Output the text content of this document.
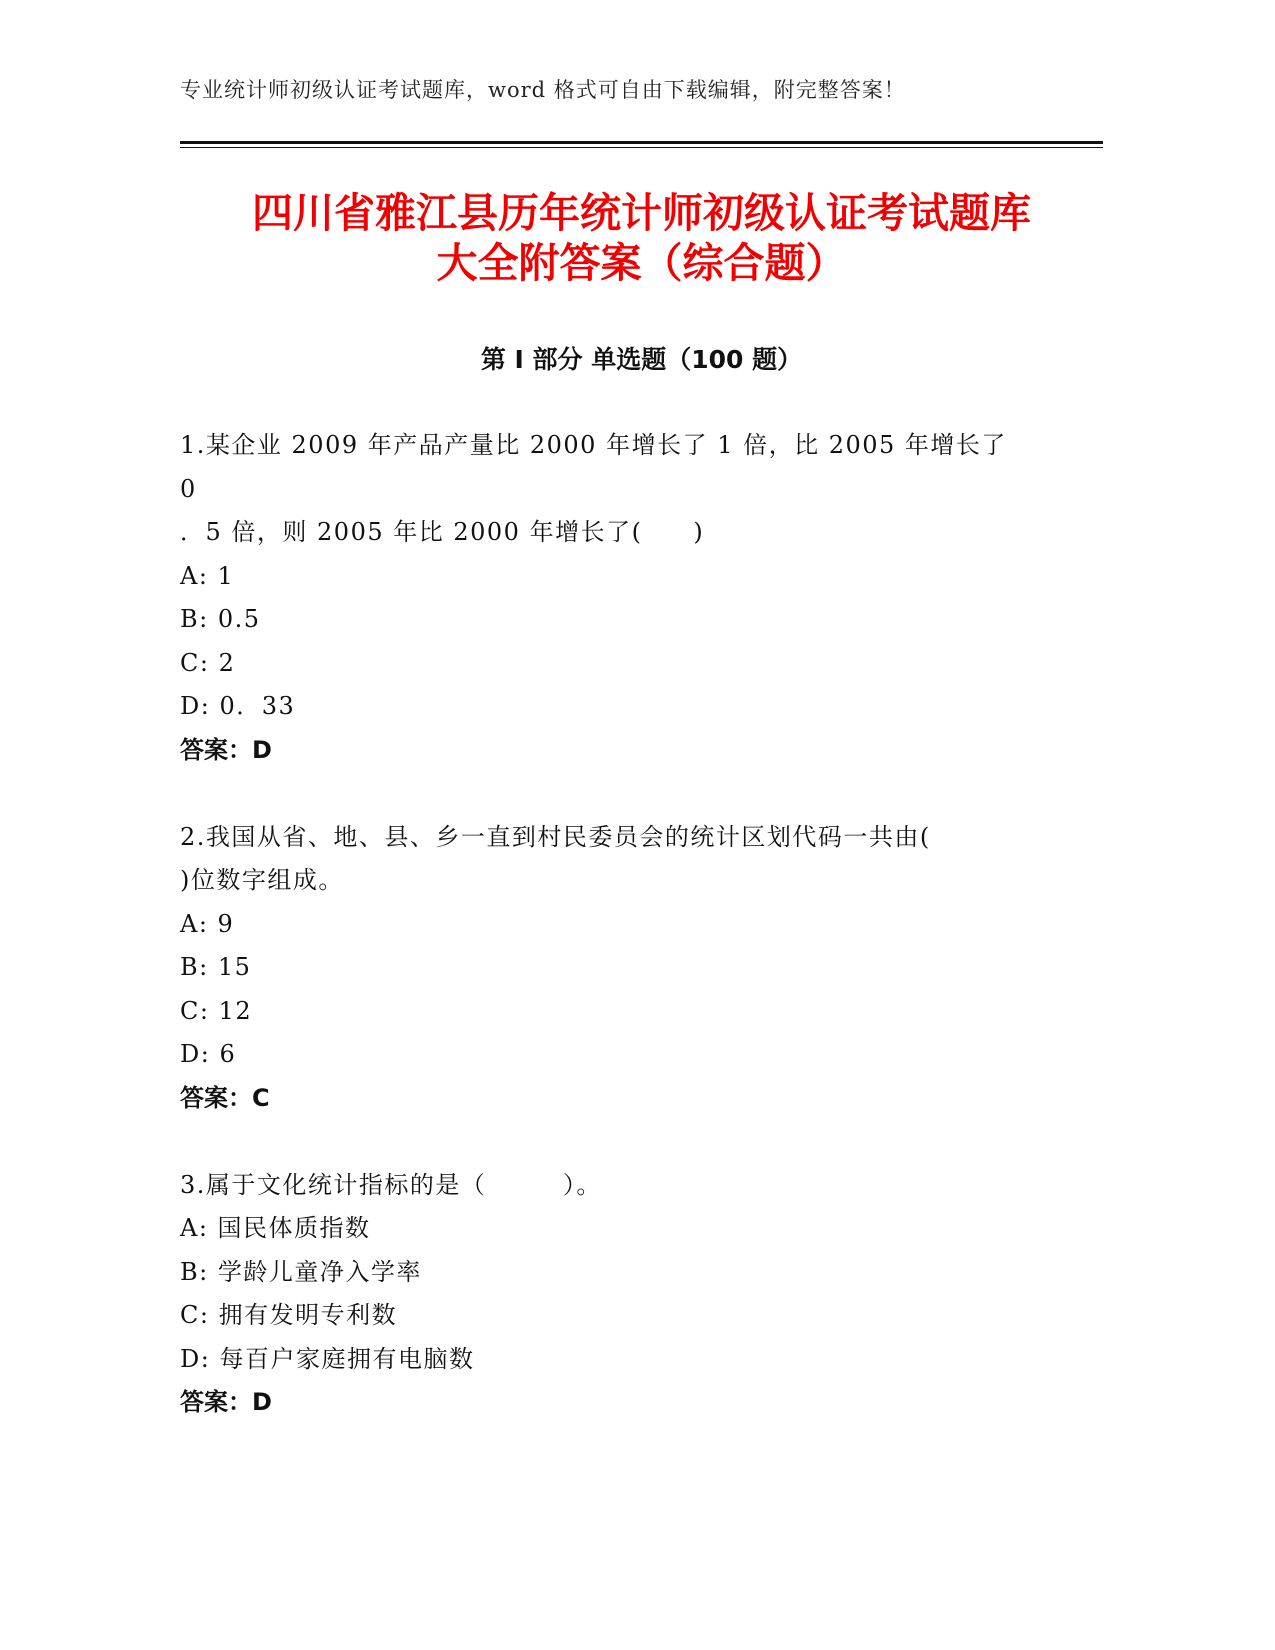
专业统计师初级认证考试题库，word 格式可自由下载编辑，附完整答案！
四川省雅江县历年统计师初级认证考试题库
大全附答案（综合题）
第 I 部分 单选题（100 题）
1.某企业 2009 年产品产量比 2000 年增长了 1 倍，比 2005 年增长了 0
．5 倍，则 2005 年比 2000 年增长了(　　)
A: 1
B: 0.5
C: 2
D: 0．33
答案：D
2.我国从省、地、县、乡一直到村民委员会的统计区划代码一共由(
)位数字组成。
A: 9
B: 15
C: 12
D: 6
答案：C
3.属于文化统计指标的是（　　　）。
A: 国民体质指数
B: 学龄儿童净入学率
C: 拥有发明专利数
D: 每百户家庭拥有电脑数
答案：D
